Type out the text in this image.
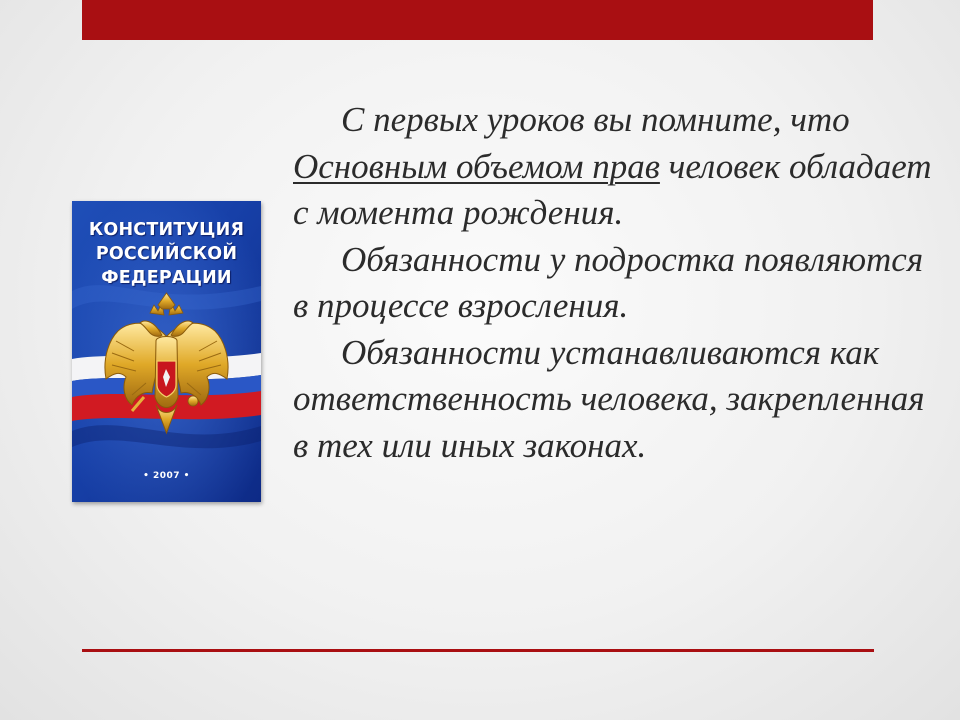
КОНСТИТУЦИЯ
РОССИЙСКОЙ
ФЕДЕРАЦИИ
• 2007 •

С первых уроков вы помните, что Основным объемом прав человек обладает с момента рождения.

Обязанности у подростка появляются в процессе взросления.

Обязанности устанавливаются как ответственность человека, закрепленная в тех или иных законах.
